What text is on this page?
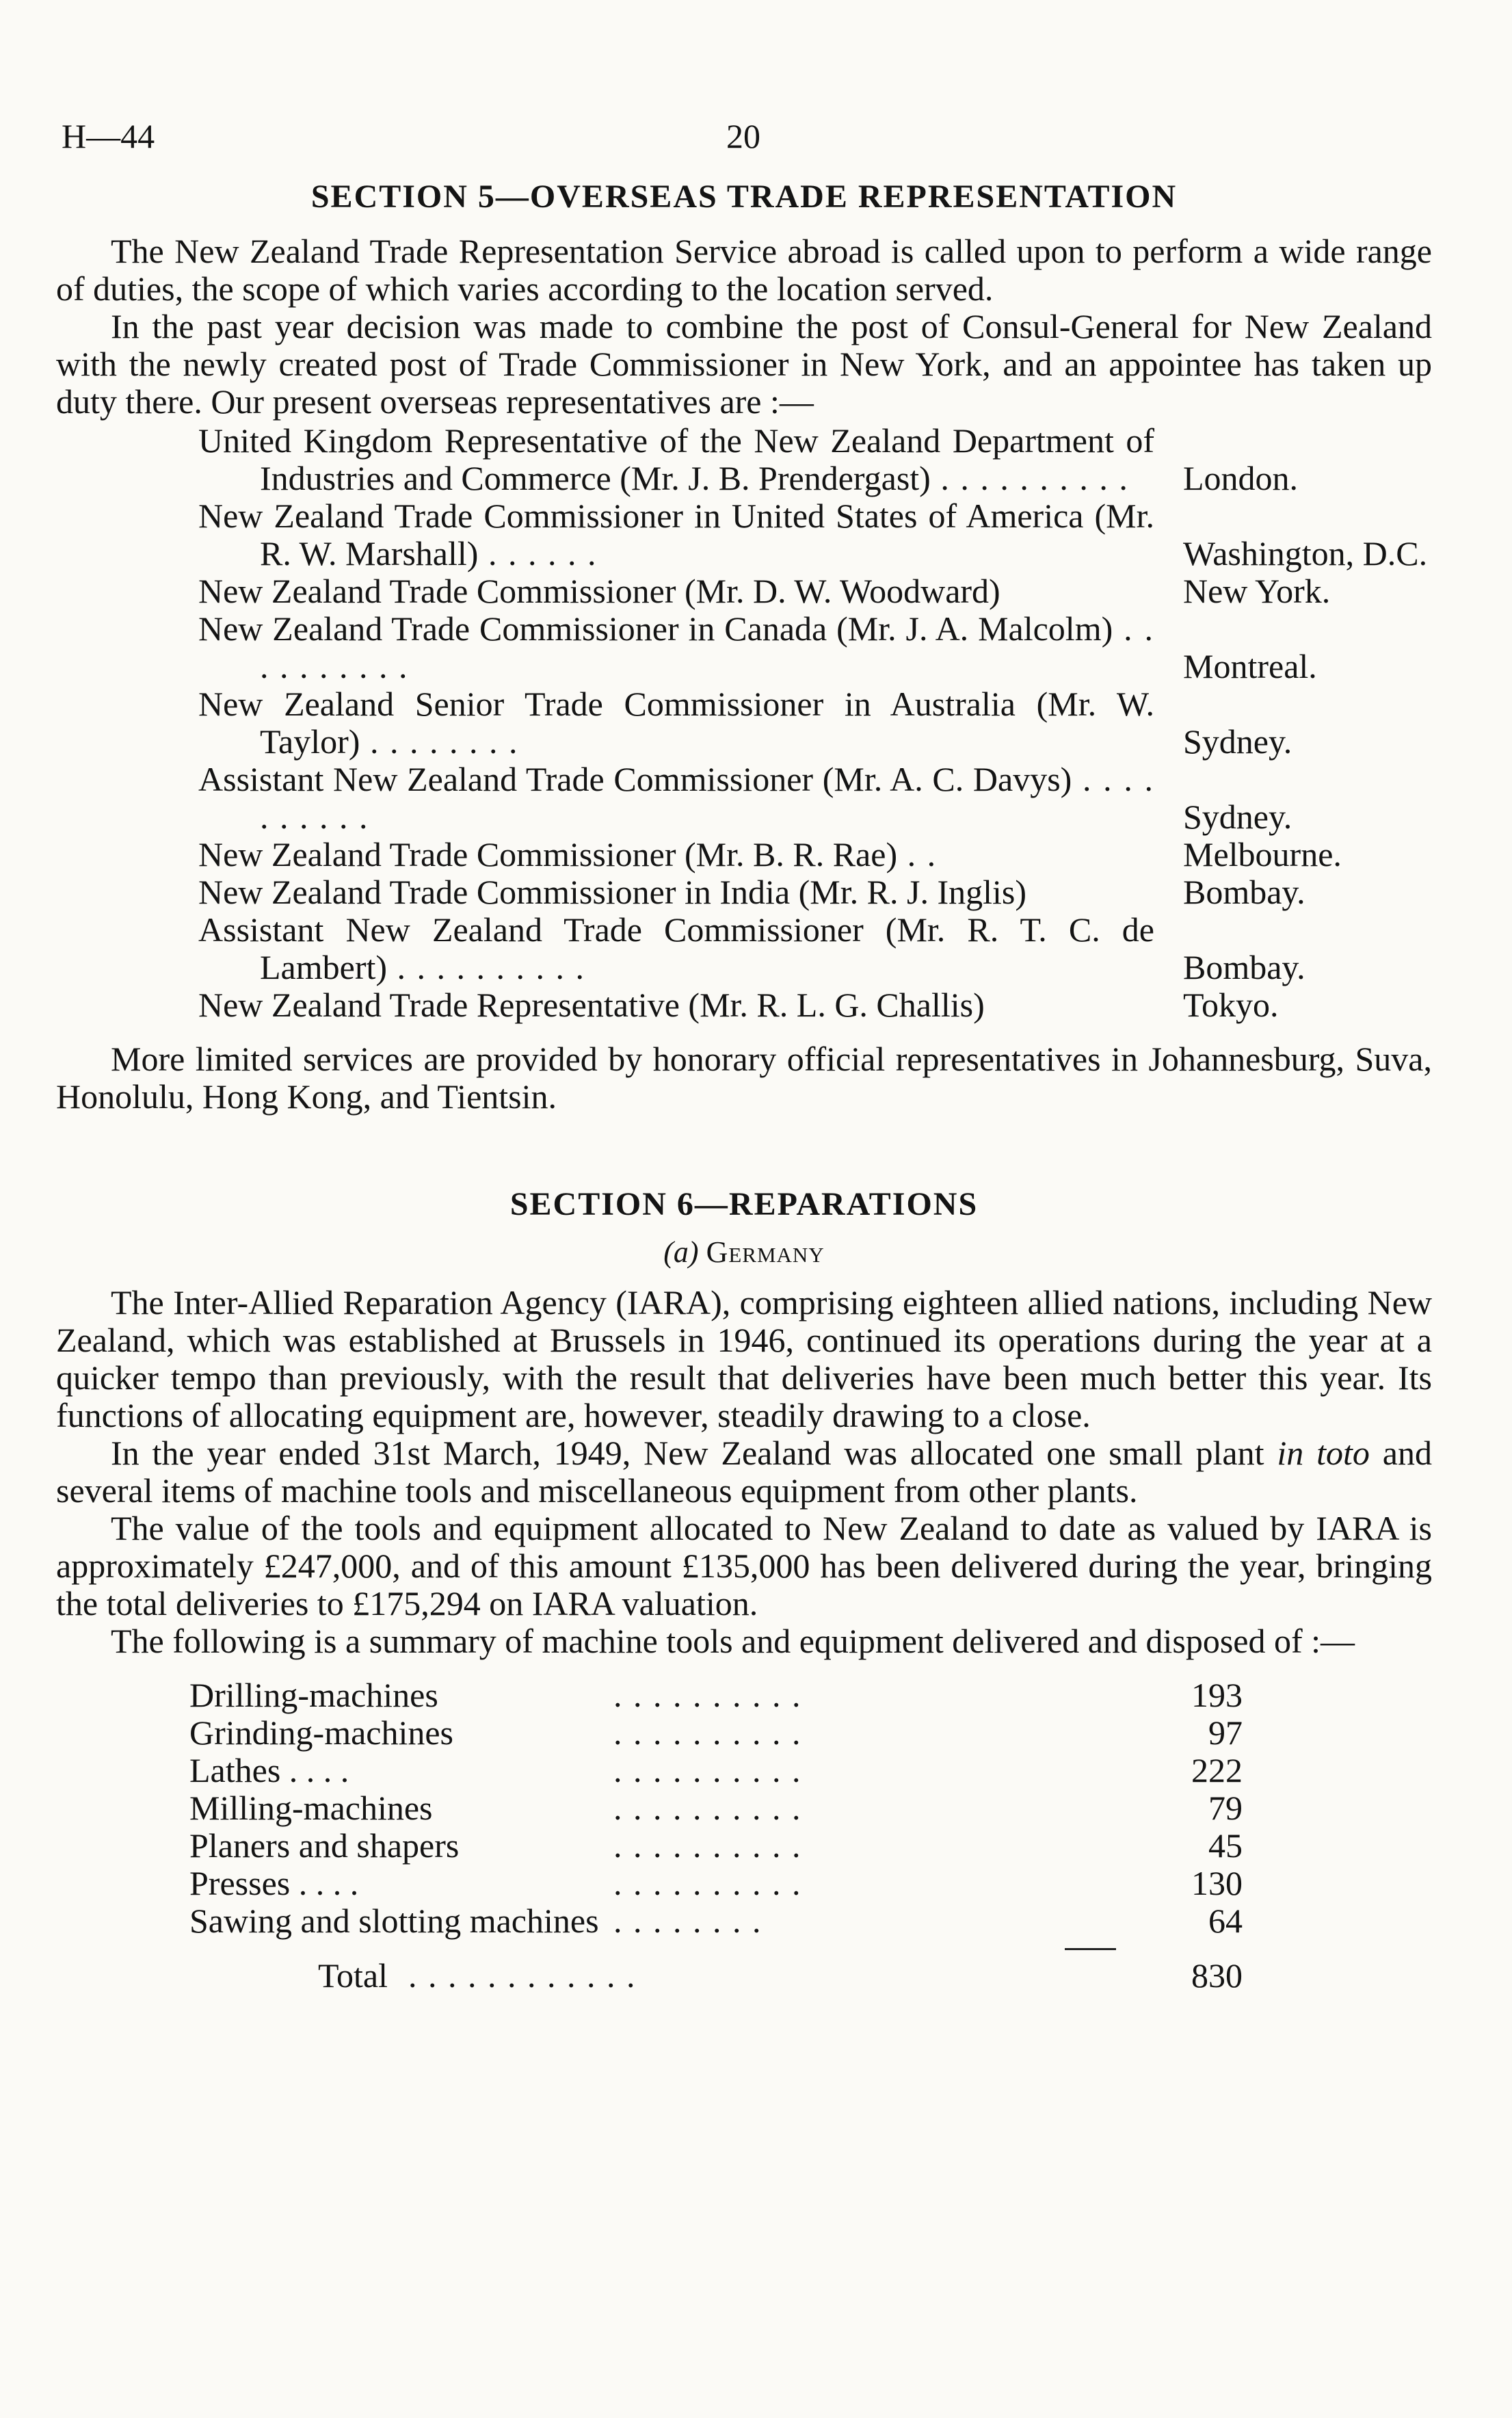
H—44	20
SECTION 5—OVERSEAS TRADE REPRESENTATION

The New Zealand Trade Representation Service abroad is called upon to perform a wide range of duties, the scope of which varies according to the location served.

In the past year decision was made to combine the post of Consul-General for New Zealand with the newly created post of Trade Commissioner in New York, and an appointee has taken up duty there. Our present overseas representatives are :—

United Kingdom Representative of the New Zealand Department of Industries and Commerce (Mr. J. B. Prendergast) . . . . . . . . . .	London.
New Zealand Trade Commissioner in United States of America (Mr. R. W. Marshall) . . . . . .	Washington, D.C.
New Zealand Trade Commissioner (Mr. D. W. Woodward)	New York.
New Zealand Trade Commissioner in Canada (Mr. J. A. Malcolm) . . . . . . . . . .	Montreal.
New Zealand Senior Trade Commissioner in Australia (Mr. W. Taylor) . . . . . . . .	Sydney.
Assistant New Zealand Trade Commissioner (Mr. A. C. Davys) . . . . . . . . . .	Sydney.
New Zealand Trade Commissioner (Mr. B. R. Rae) . .	Melbourne.
New Zealand Trade Commissioner in India (Mr. R. J. Inglis)	Bombay.
Assistant New Zealand Trade Commissioner (Mr. R. T. C. de Lambert) . . . . . . . . . .	Bombay.
New Zealand Trade Representative (Mr. R. L. G. Challis)	Tokyo.

More limited services are provided by honorary official representatives in Johannesburg, Suva, Honolulu, Hong Kong, and Tientsin.

SECTION 6—REPARATIONS
(a) Germany

The Inter-Allied Reparation Agency (IARA), comprising eighteen allied nations, including New Zealand, which was established at Brussels in 1946, continued its operations during the year at a quicker tempo than previously, with the result that deliveries have been much better this year. Its functions of allocating equipment are, however, steadily drawing to a close.

In the year ended 31st March, 1949, New Zealand was allocated one small plant in toto and several items of machine tools and miscellaneous equipment from other plants.

The value of the tools and equipment allocated to New Zealand to date as valued by IARA is approximately £247,000, and of this amount £135,000 has been delivered during the year, bringing the total deliveries to £175,294 on IARA valuation.

The following is a summary of machine tools and equipment delivered and disposed of :—

Drilling-machines	. . . . . . . . . .	193
Grinding-machines	. . . . . . . . . .	97
Lathes . . . .	. . . . . . . . . .	222
Milling-machines	. . . . . . . . . .	79
Planers and shapers	. . . . . . . . . .	45
Presses . . . .	. . . . . . . . . .	130
Sawing and slotting machines . . . . . . . .	64
Total . . . . . . . . . . . .	830
